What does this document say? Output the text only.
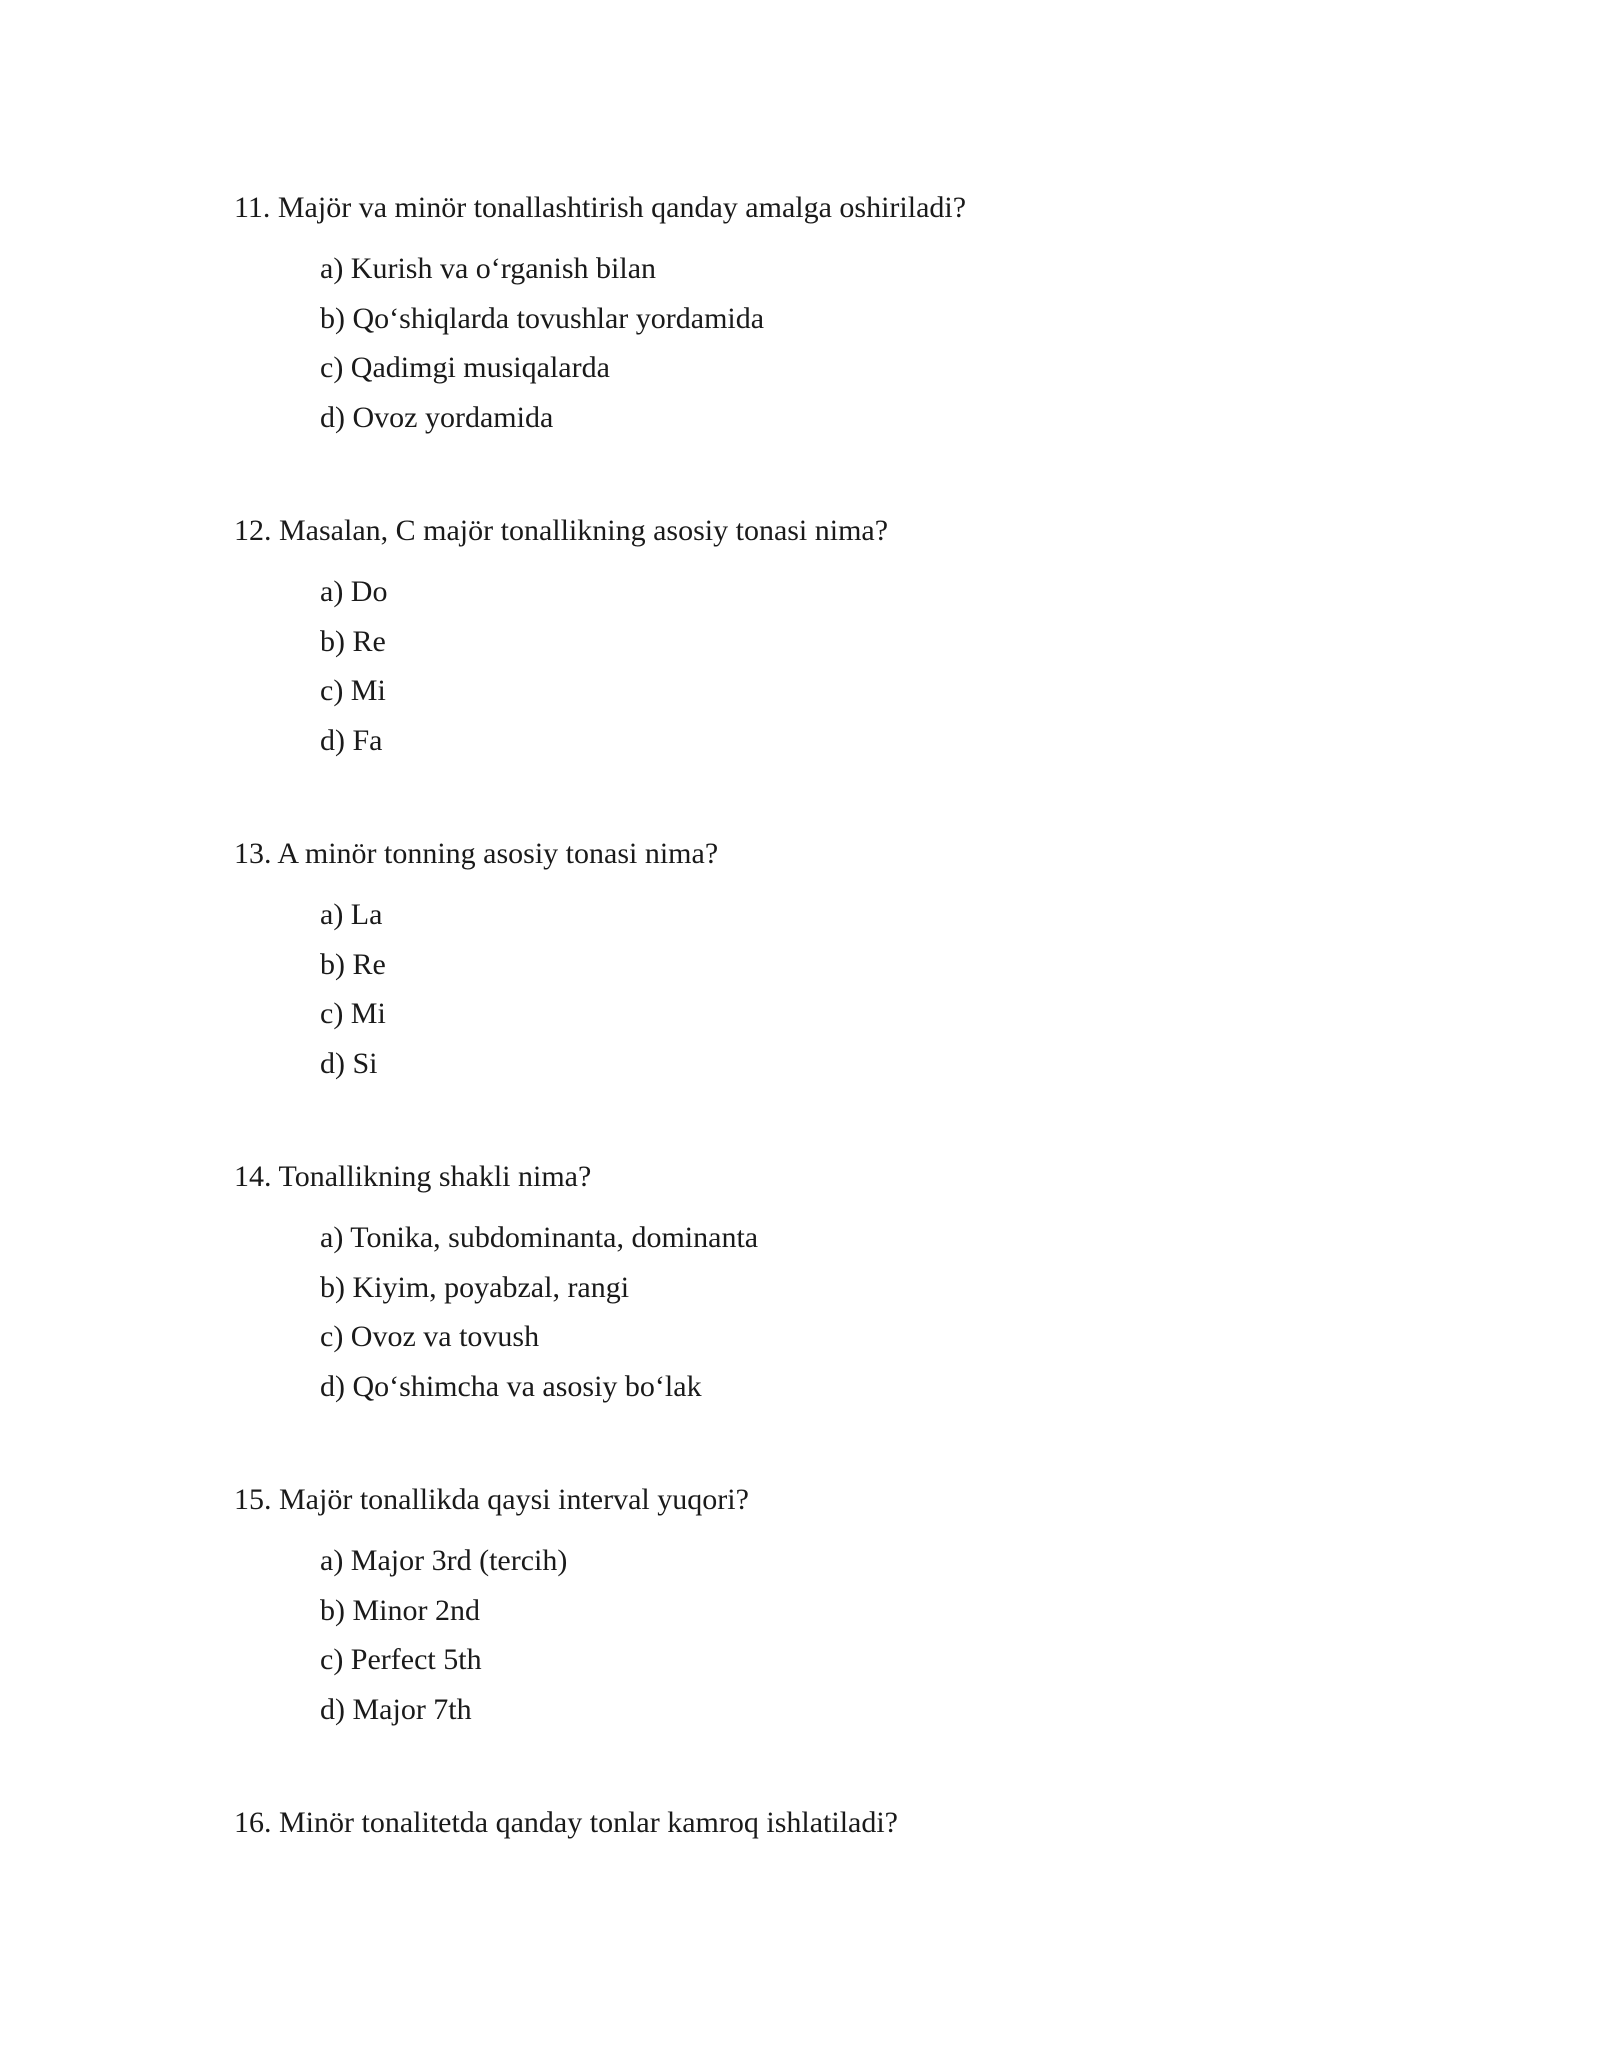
11. Majör va minör tonallashtirish qanday amalga oshiriladi?
a) Kurish va o‘rganish bilan
b) Qo‘shiqlarda tovushlar yordamida
c) Qadimgi musiqalarda
d) Ovoz yordamida
12. Masalan, C majör tonallikning asosiy tonasi nima?
a) Do
b) Re
c) Mi
d) Fa
13. A minör tonning asosiy tonasi nima?
a) La
b) Re
c) Mi
d) Si
14. Tonallikning shakli nima?
a) Tonika, subdominanta, dominanta
b) Kiyim, poyabzal, rangi
c) Ovoz va tovush
d) Qo‘shimcha va asosiy bo‘lak
15. Majör tonallikda qaysi interval yuqori?
a) Major 3rd (tercih)
b) Minor 2nd
c) Perfect 5th
d) Major 7th
16. Minör tonalitetda qanday tonlar kamroq ishlatiladi?
